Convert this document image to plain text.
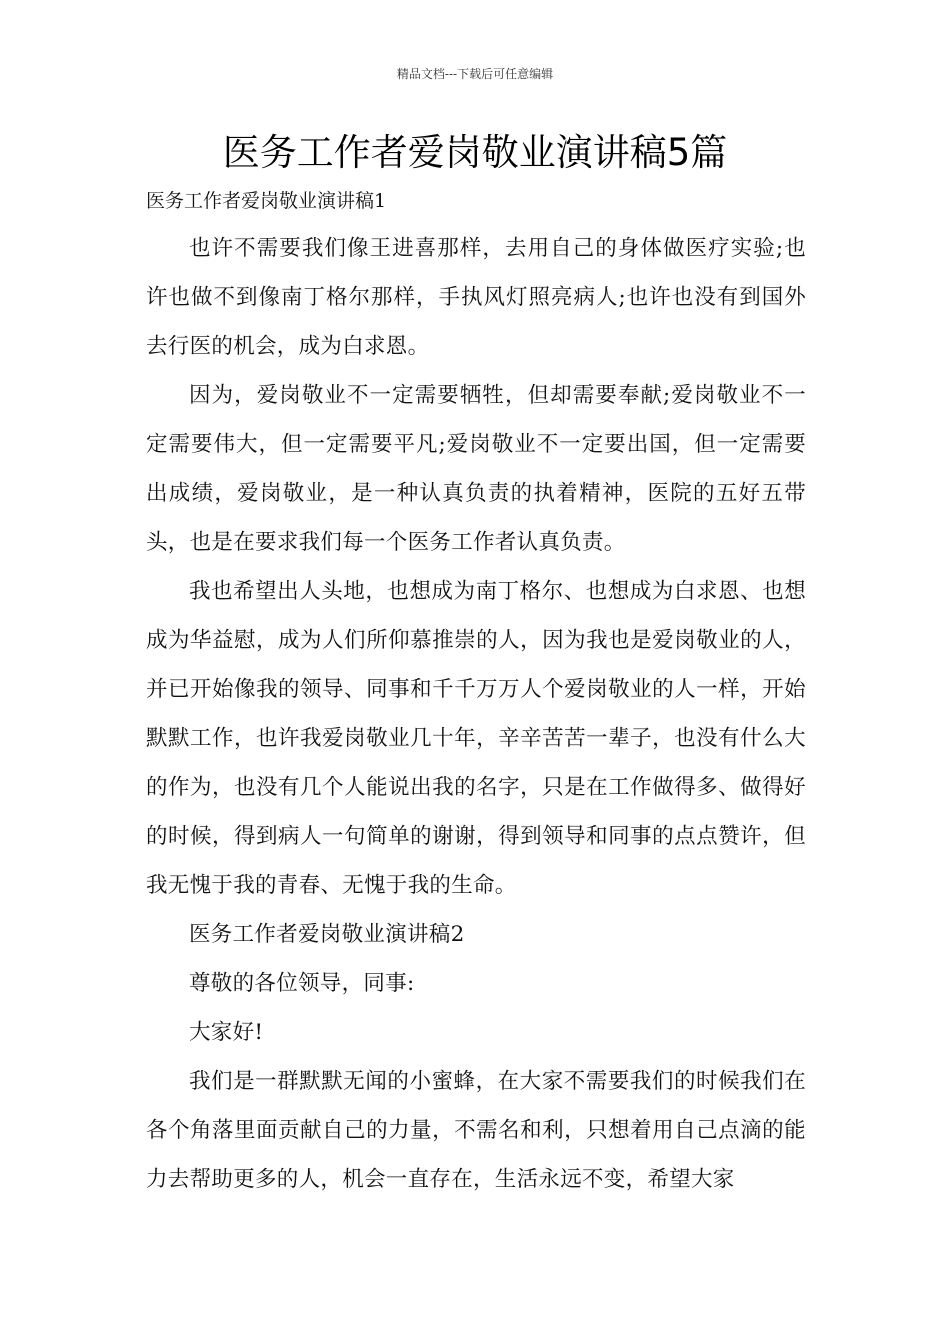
精品文档---下载后可任意编辑
医务工作者爱岗敬业演讲稿5篇
医务工作者爱岗敬业演讲稿1

也许不需要我们像王进喜那样，去用自己的身体做医疗实验;也许也做不到像南丁格尔那样，手执风灯照亮病人;也许也没有到国外去行医的机会，成为白求恩。

因为，爱岗敬业不一定需要牺牲，但却需要奉献;爱岗敬业不一定需要伟大，但一定需要平凡;爱岗敬业不一定要出国，但一定需要出成绩，爱岗敬业，是一种认真负责的执着精神，医院的五好五带头，也是在要求我们每一个医务工作者认真负责。

我也希望出人头地，也想成为南丁格尔、也想成为白求恩、也想成为华益慰，成为人们所仰慕推崇的人，因为我也是爱岗敬业的人，并已开始像我的领导、同事和千千万万人个爱岗敬业的人一样，开始默默工作，也许我爱岗敬业几十年，辛辛苦苦一辈子，也没有什么大的作为，也没有几个人能说出我的名字，只是在工作做得多、做得好的时候，得到病人一句简单的谢谢，得到领导和同事的点点赞许，但我无愧于我的青春、无愧于我的生命。

医务工作者爱岗敬业演讲稿2

尊敬的各位领导，同事:

大家好!

我们是一群默默无闻的小蜜蜂，在大家不需要我们的时候我们在各个角落里面贡献自己的力量，不需名和利，只想着用自己点滴的能力去帮助更多的人，机会一直存在，生活永远不变，希望大家
